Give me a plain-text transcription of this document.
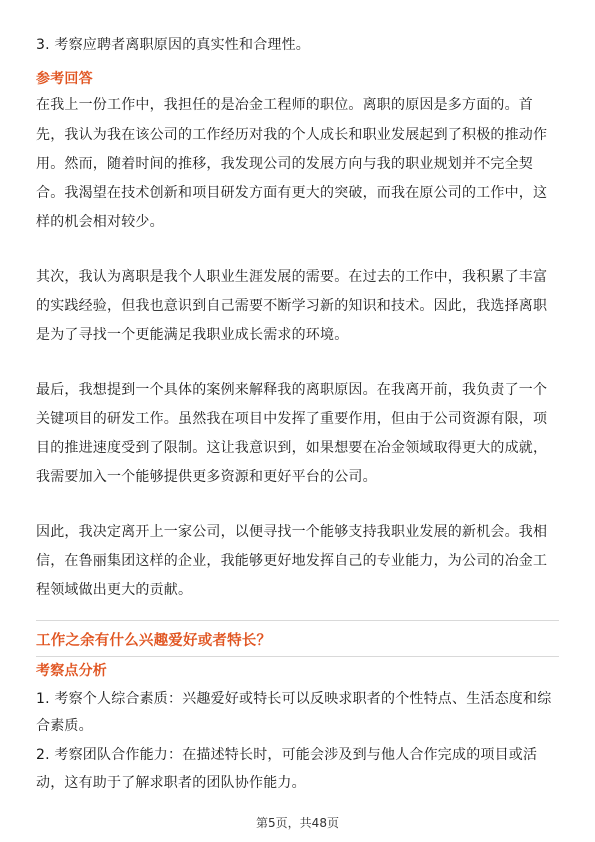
3. 考察应聘者离职原因的真实性和合理性。
参考回答
在我上一份工作中，我担任的是冶金工程师的职位。离职的原因是多方面的。首
先，我认为我在该公司的工作经历对我的个人成长和职业发展起到了积极的推动作
用。然而，随着时间的推移，我发现公司的发展方向与我的职业规划并不完全契
合。我渴望在技术创新和项目研发方面有更大的突破，而我在原公司的工作中，这
样的机会相对较少。
其次，我认为离职是我个人职业生涯发展的需要。在过去的工作中，我积累了丰富
的实践经验，但我也意识到自己需要不断学习新的知识和技术。因此，我选择离职
是为了寻找一个更能满足我职业成长需求的环境。
最后，我想提到一个具体的案例来解释我的离职原因。在我离开前，我负责了一个
关键项目的研发工作。虽然我在项目中发挥了重要作用，但由于公司资源有限，项
目的推进速度受到了限制。这让我意识到，如果想要在冶金领域取得更大的成就，
我需要加入一个能够提供更多资源和更好平台的公司。
因此，我决定离开上一家公司，以便寻找一个能够支持我职业发展的新机会。我相
信，在鲁丽集团这样的企业，我能够更好地发挥自己的专业能力，为公司的冶金工
程领域做出更大的贡献。
工作之余有什么兴趣爱好或者特长？
考察点分析
1. 考察个人综合素质：兴趣爱好或特长可以反映求职者的个性特点、生活态度和综
合素质。
2. 考察团队合作能力：在描述特长时，可能会涉及到与他人合作完成的项目或活
动，这有助于了解求职者的团队协作能力。
第5页，共48页
